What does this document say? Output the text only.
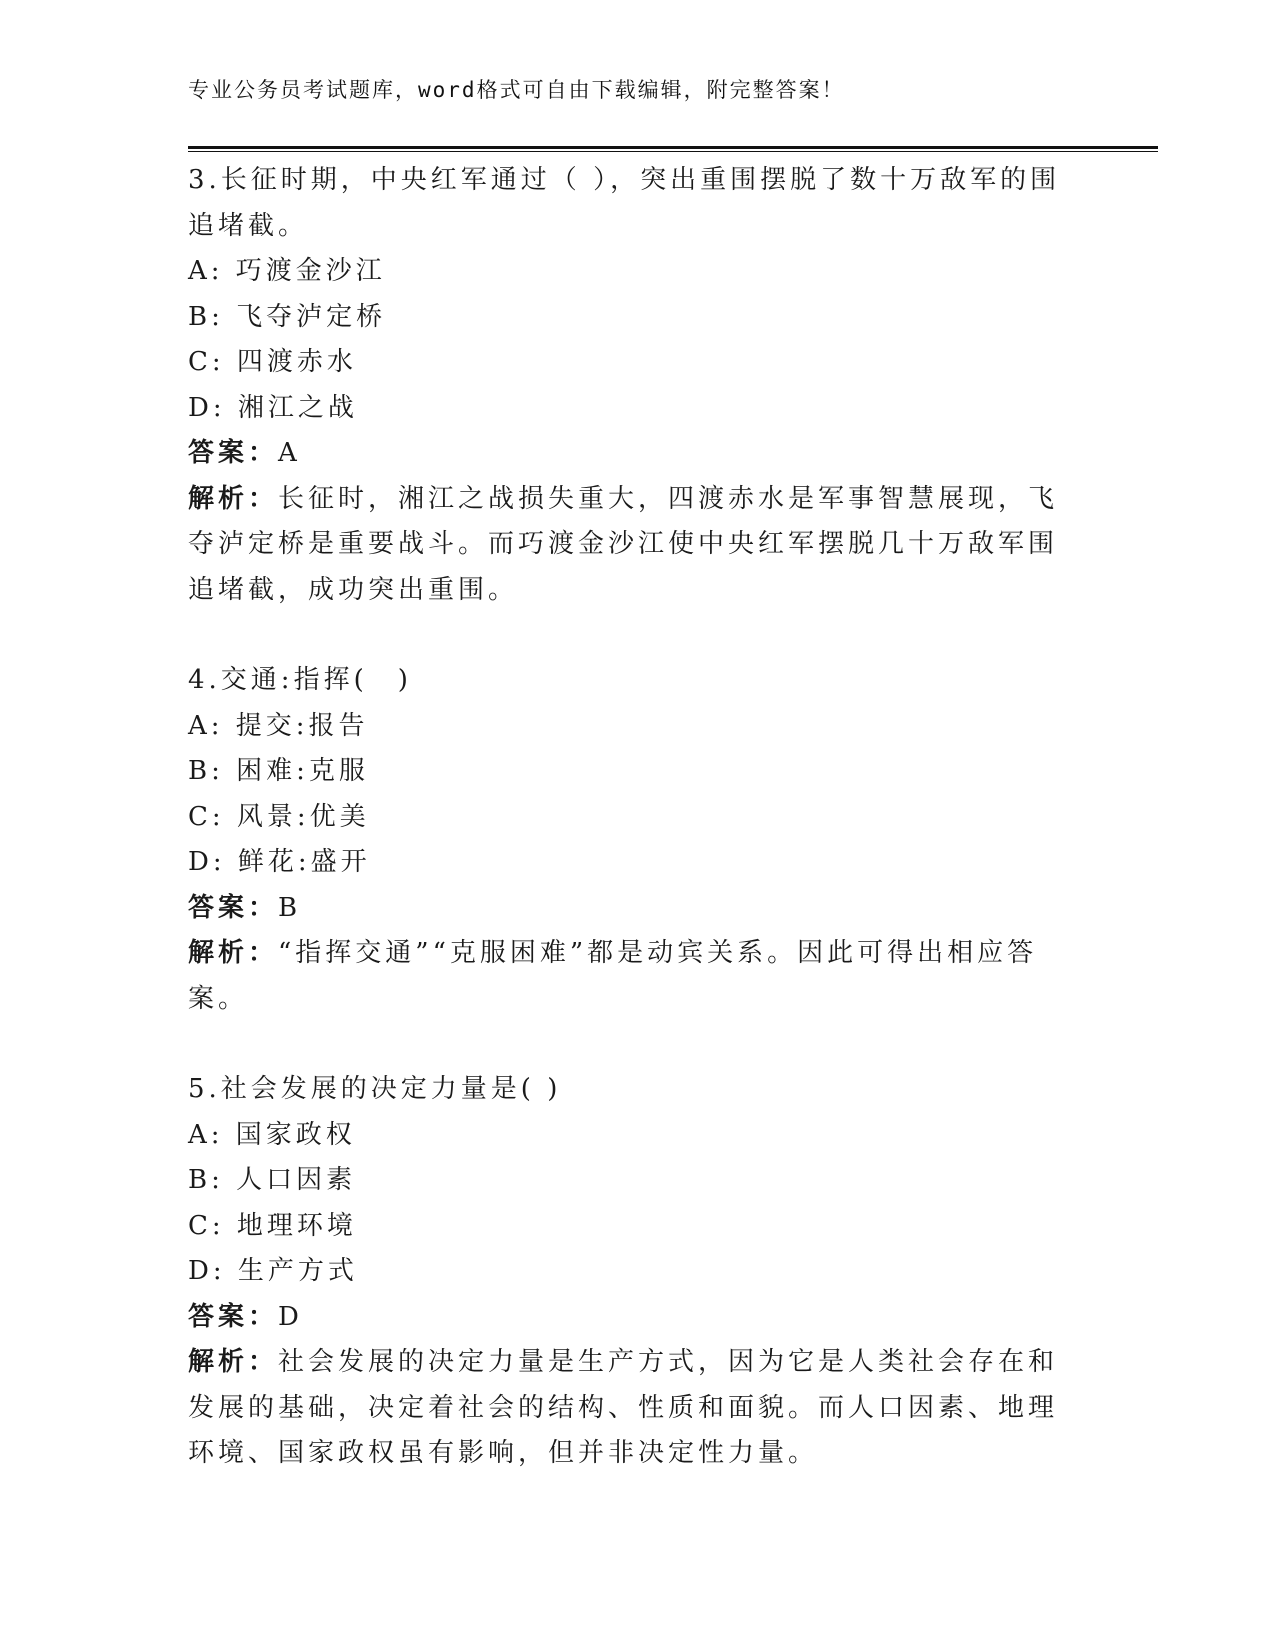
专业公务员考试题库，word格式可自由下载编辑，附完整答案！
3.长征时期，中央红军通过（ ），突出重围摆脱了数十万敌军的围追堵截。
A: 巧渡金沙江
B: 飞夺泸定桥
C: 四渡赤水
D: 湘江之战
答案：A
解析：长征时，湘江之战损失重大，四渡赤水是军事智慧展现，飞夺泸定桥是重要战斗。而巧渡金沙江使中央红军摆脱几十万敌军围追堵截，成功突出重围。
4.交通:指挥(　)
A: 提交:报告
B: 困难:克服
C: 风景:优美
D: 鲜花:盛开
答案：B
解析：“指挥交通”“克服困难”都是动宾关系。因此可得出相应答案。
5.社会发展的决定力量是( )
A: 国家政权
B: 人口因素
C: 地理环境
D: 生产方式
答案：D
解析：社会发展的决定力量是生产方式，因为它是人类社会存在和发展的基础，决定着社会的结构、性质和面貌。而人口因素、地理环境、国家政权虽有影响，但并非决定性力量。
